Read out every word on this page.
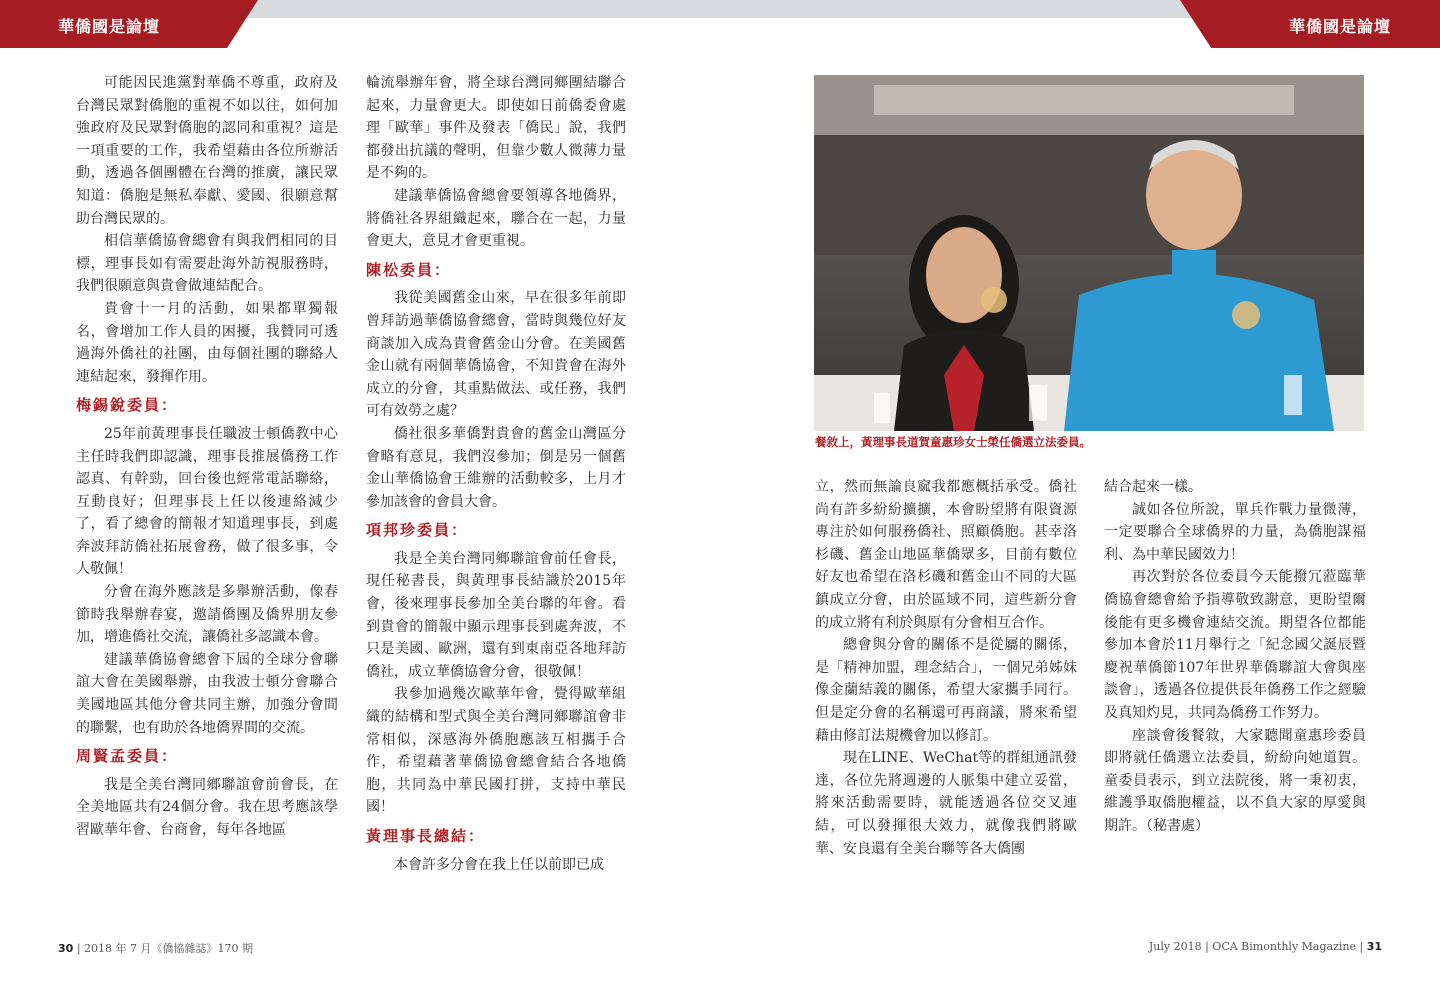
華僑國是論壇	華僑國是論壇

可能因民進黨對華僑不尊重，政府及台灣民眾對僑胞的重視不如以往，如何加強政府及民眾對僑胞的認同和重視？這是一項重要的工作，我希望藉由各位所辦活動，透過各個團體在台灣的推廣，讓民眾知道：僑胞是無私奉獻、愛國、很願意幫助台灣民眾的。

相信華僑協會總會有與我們相同的目標，理事長如有需要赴海外訪視服務時，我們很願意與貴會做連結配合。

貴會十一月的活動，如果都單獨報名，會增加工作人員的困擾，我贊同可透過海外僑社的社團，由每個社團的聯絡人連結起來，發揮作用。

梅錫銳委員：

25年前黃理事長任職波士頓僑教中心主任時我們即認識，理事長推展僑務工作認真、有幹勁，回台後也經常電話聯絡，互動良好；但理事長上任以後連絡減少了，看了總會的簡報才知道理事長，到處奔波拜訪僑社拓展會務，做了很多事，令人敬佩！

分會在海外應該是多舉辦活動，像春節時我舉辦春宴，邀請僑團及僑界朋友參加，增進僑社交流，讓僑社多認識本會。

建議華僑協會總會下屆的全球分會聯誼大會在美國舉辦，由我波士頓分會聯合美國地區其他分會共同主辦，加強分會間的聯繫，也有助於各地僑界間的交流。

周賢孟委員：

我是全美台灣同鄉聯誼會前會長，在全美地區共有24個分會。我在思考應該學習歐華年會、台商會，每年各地區

輪流舉辦年會，將全球台灣同鄉團結聯合起來，力量會更大。即使如日前僑委會處理「歐華」事件及發表「僑民」說，我們都發出抗議的聲明，但靠少數人微薄力量是不夠的。

建議華僑協會總會要領導各地僑界，將僑社各界組織起來，聯合在一起，力量會更大，意見才會更重視。

陳松委員：

我從美國舊金山來，早在很多年前即曾拜訪過華僑協會總會，當時與幾位好友商談加入成為貴會舊金山分會。在美國舊金山就有兩個華僑協會，不知貴會在海外成立的分會，其重點做法、或任務，我們可有效勞之處？

僑社很多華僑對貴會的舊金山灣區分會略有意見，我們沒參加；倒是另一個舊金山華僑協會王維辦的活動較多，上月才參加該會的會員大會。

項邦珍委員：

我是全美台灣同鄉聯誼會前任會長，現任秘書長，與黃理事長結識於2015年會，後來理事長參加全美台聯的年會。看到貴會的簡報中顯示理事長到處奔波，不只是美國、歐洲，還有到東南亞各地拜訪僑社，成立華僑協會分會，很敬佩！

我參加過幾次歐華年會，覺得歐華組織的結構和型式與全美台灣同鄉聯誼會非常相似，深感海外僑胞應該互相攜手合作，希望藉著華僑協會總會結合各地僑胞，共同為中華民國打拼，支持中華民國！

黃理事長總結：

本會許多分會在我上任以前即已成

餐敘上，黃理事長道賀童惠珍女士榮任僑選立法委員。

立，然而無論良窳我都應概括承受。僑社尚有許多紛紛擴擴，本會盼望將有限資源專注於如何服務僑社、照顧僑胞。甚幸洛杉磯、舊金山地區華僑眾多，目前有數位好友也希望在洛杉磯和舊金山不同的大區鎮成立分會，由於區域不同，這些新分會的成立將有利於與原有分會相互合作。

總會與分會的關係不是從屬的關係，是「精神加盟，理念結合」，一個兄弟姊妹像金蘭結義的關係，希望大家攜手同行。但是定分會的名稱還可再商議，將來希望藉由修訂法規機會加以修訂。

現在LINE、WeChat等的群組通訊發達，各位先將週邊的人脈集中建立妥當，將來活動需要時，就能透過各位交叉連結，可以發揮很大效力，就像我們將歐華、安良還有全美台聯等各大僑團

結合起來一樣。

誠如各位所說，單兵作戰力量微薄，一定要聯合全球僑界的力量，為僑胞謀福利、為中華民國效力！

再次對於各位委員今天能撥冗蒞臨華僑協會總會給予指導敬致謝意，更盼望爾後能有更多機會連結交流。期望各位都能參加本會於11月舉行之「紀念國父誕辰暨慶祝華僑節107年世界華僑聯誼大會與座談會」，透過各位提供長年僑務工作之經驗及真知灼見，共同為僑務工作努力。

座談會後餐敘，大家聽聞童惠珍委員即將就任僑選立法委員，紛紛向她道賀。童委員表示，到立法院後，將一秉初衷，維護爭取僑胞權益，以不負大家的厚愛與期許。（秘書處）

30 | 2018 年 7 月《僑協雜誌》170 期	July 2018 | OCA Bimonthly Magazine | 31
